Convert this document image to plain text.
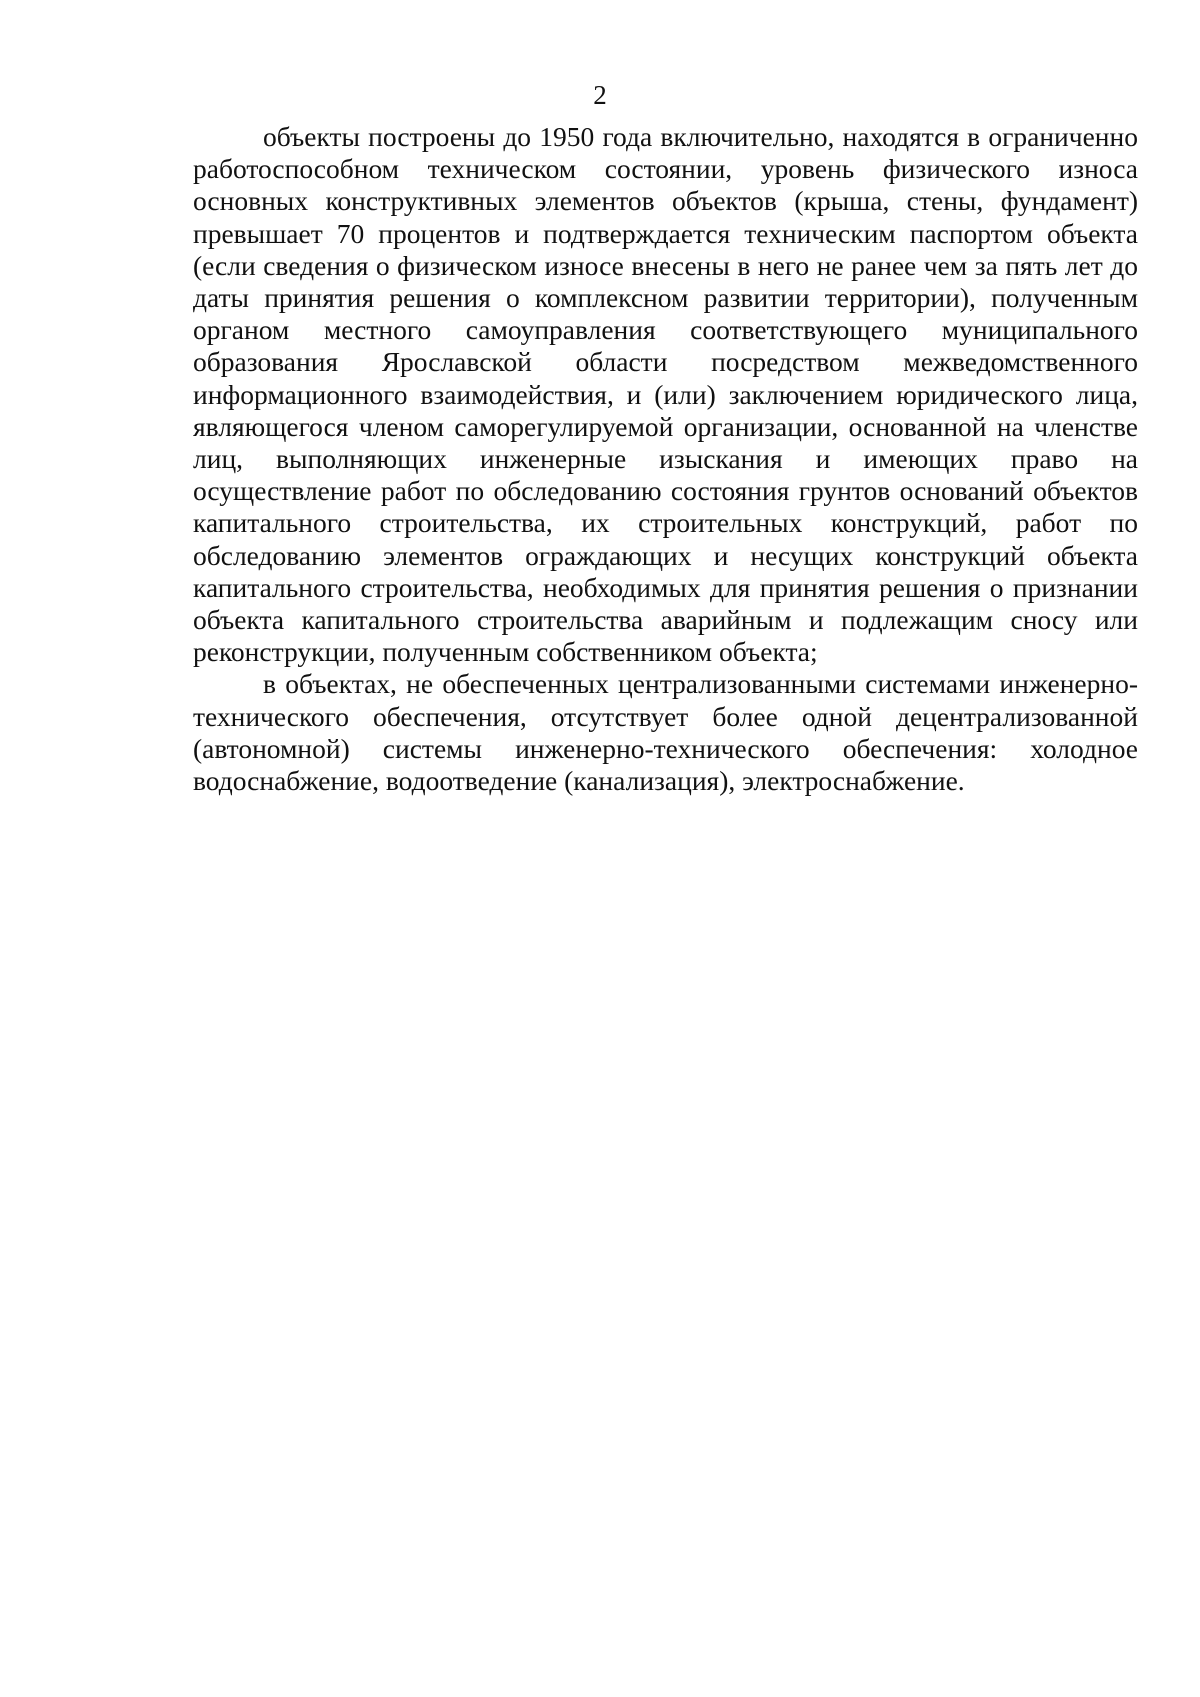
2

объекты построены до 1950 года включительно, находятся в ограниченно работоспособном техническом состоянии, уровень физического износа основных конструктивных элементов объектов (крыша, стены, фундамент) превышает 70 процентов и подтверждается техническим паспортом объекта (если сведения о физическом износе внесены в него не ранее чем за пять лет до даты принятия решения о комплексном развитии территории), полученным органом местного самоуправления соответствующего муниципального образования Ярославской области посредством межведомственного информационного взаимодействия, и (или) заключением юридического лица, являющегося членом саморегулируемой организации, основанной на членстве лиц, выполняющих инженерные изыскания и имеющих право на осуществление работ по обследованию состояния грунтов оснований объектов капитального строительства, их строительных конструкций, работ по обследованию элементов ограждающих и несущих конструкций объекта капитального строительства, необходимых для принятия решения о признании объекта капитального строительства аварийным и подлежащим сносу или реконструкции, полученным собственником объекта;

в объектах, не обеспеченных централизованными системами инженерно-технического обеспечения, отсутствует более одной децентрализованной (автономной) системы инженерно-технического обеспечения: холодное водоснабжение, водоотведение (канализация), электроснабжение.
